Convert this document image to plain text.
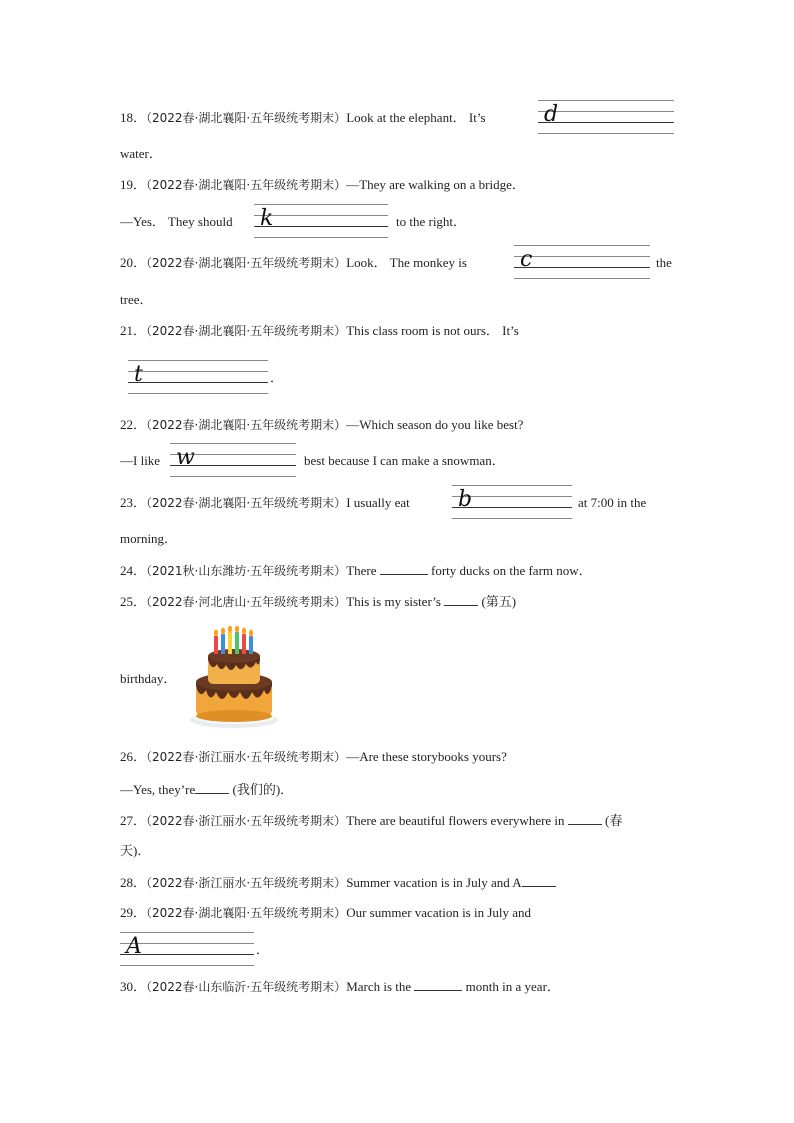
18．（2022春·湖北襄阳·五年级统考期末）Look at the elephant． It’s	d
water．
19．（2022春·湖北襄阳·五年级统考期末）—They are walking on a bridge．
—Yes． They should k	to the right．
20．（2022春·湖北襄阳·五年级统考期末）Look． The monkey is c	the
tree．
21．（2022春·湖北襄阳·五年级统考期末）This class room is not ours． It’s
t	．
22．（2022春·湖北襄阳·五年级统考期末）—Which season do you like best?
—I like w	best because I can make a snowman．
23．（2022春·湖北襄阳·五年级统考期末）I usually eat b	at 7:00 in the
morning．
24．（2021秋·山东潍坊·五年级统考期末）There	forty ducks on the farm now．
25．（2022春·河北唐山·五年级统考期末）This is my sister’s	(第五)
birthday．
26．（2022春·浙江丽水·五年级统考期末）—Are these storybooks yours?
—Yes, they’re	(我们的)．
27．（2022春·浙江丽水·五年级统考期末）There are beautiful flowers everywhere in	(春
天)．
28．（2022春·浙江丽水·五年级统考期末）Summer vacation is in July and A
29．（2022春·湖北襄阳·五年级统考期末）Our summer vacation is in July and
A	．
30．（2022春·山东临沂·五年级统考期末）March is the	month in a year．
